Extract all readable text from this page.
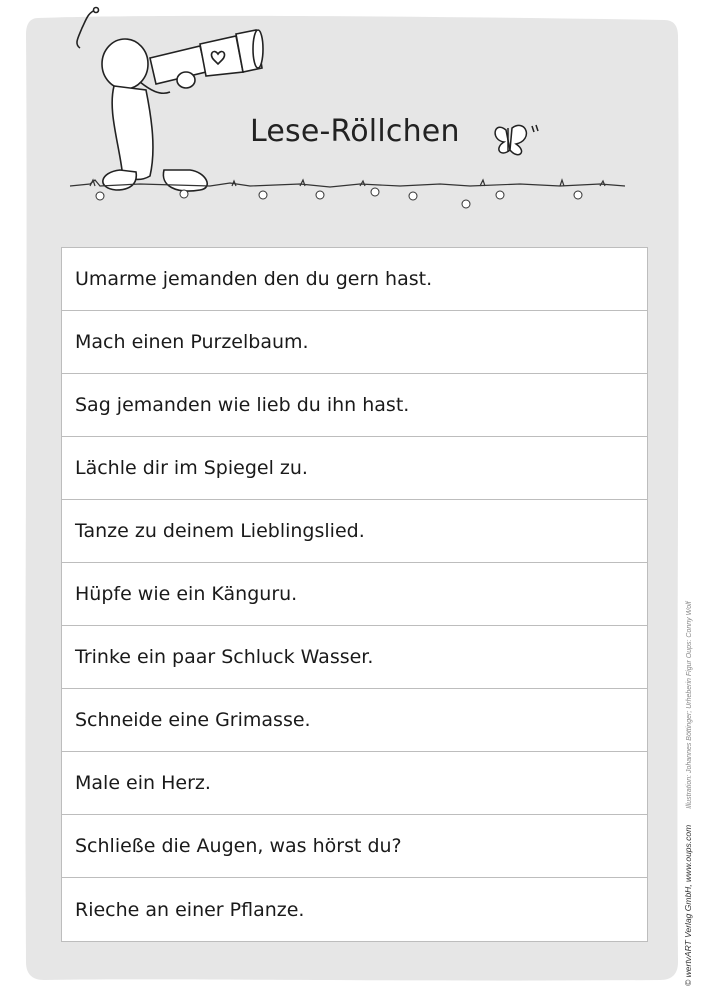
Lese-Röllchen
Umarme jemanden den du gern hast.
Mach einen Purzelbaum.
Sag jemanden wie lieb du ihn hast.
Lächle dir im Spiegel zu.
Tanze zu deinem Lieblingslied.
Hüpfe wie ein Känguru.
Trinke ein paar Schluck Wasser.
Schneide eine Grimasse.
Male ein Herz.
Schließe die Augen, was hörst du?
Rieche an einer Pflanze.	© wertvART Verlag GmbH, www.oups.com
Illustration: Johannes Böttinger; Urheberin Figur Oups: Conny Wolf
